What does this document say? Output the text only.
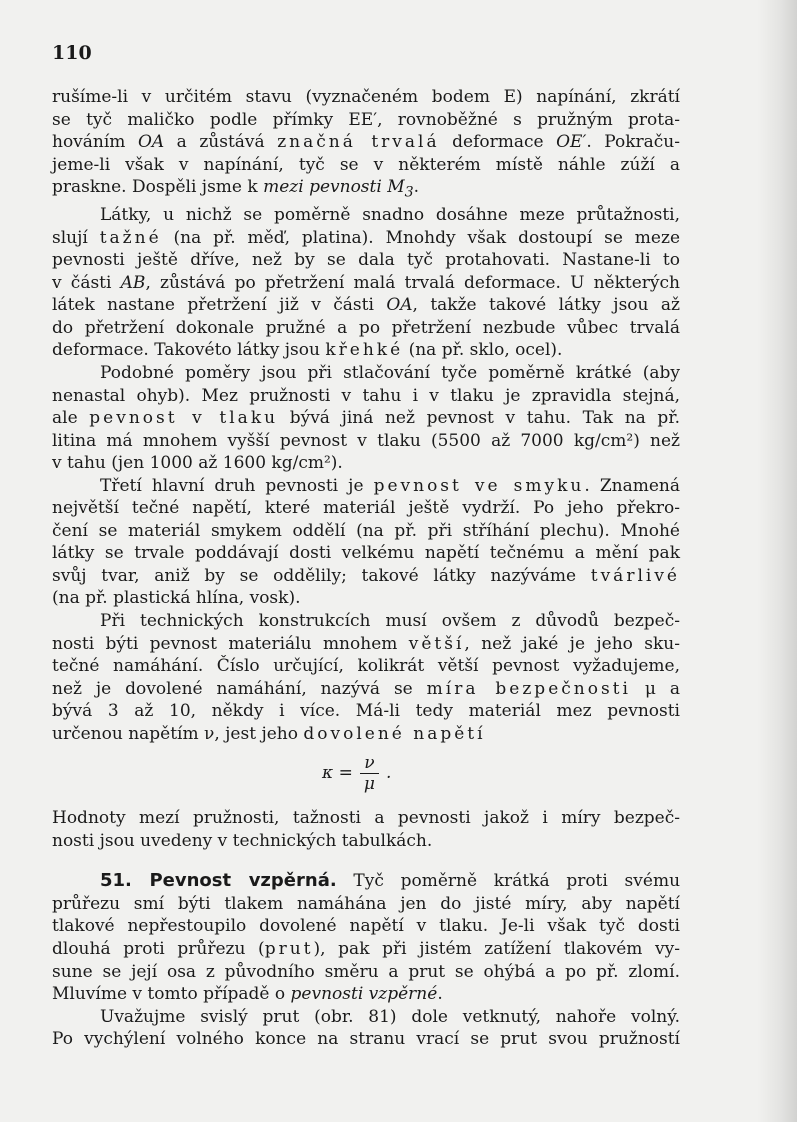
110

rušíme-li v určitém stavu (vyznačeném bodem E) napínání, zkrátí
se tyč maličko podle přímky EE′, rovnoběžné s pružným prota-
hováním OA a zůstává značná trvalá deformace OE′. Pokraču-
jeme-li však v napínání, tyč se v některém místě náhle zúží a
praskne. Dospěli jsme k mezi pevnosti $M_3$.

Látky, u nichž se poměrně snadno dosáhne meze průtažnosti,
slují tažné (na př. měď, platina). Mnohdy však dostoupí se meze
pevnosti ještě dříve, než by se dala tyč protahovati. Nastane-li to
v části AB, zůstává po přetržení malá trvalá deformace. U některých
látek nastane přetržení již v části OA, takže takové látky jsou až
do přetržení dokonale pružné a po přetržení nezbude vůbec trvalá
deformace. Takovéto látky jsou křehké (na př. sklo, ocel).

Podobné poměry jsou při stlačování tyče poměrně krátké (aby
nenastal ohyb). Mez pružnosti v tahu i v tlaku je zpravidla stejná,
ale pevnost v tlaku bývá jiná než pevnost v tahu. Tak na př.
litina má mnohem vyšší pevnost v tlaku (5500 až 7000 kg/cm²) než
v tahu (jen 1000 až 1600 kg/cm²).

Třetí hlavní druh pevnosti je pevnost ve smyku. Znamená
největší tečné napětí, které materiál ještě vydrží. Po jeho překro-
čení se materiál smykem oddělí (na př. při stříhání plechu). Mnohé
látky se trvale poddávají dosti velkému napětí tečnému a mění pak
svůj tvar, aniž by se oddělily; takové látky nazýváme tvárlivé
(na př. plastická hlína, vosk).

Při technických konstrukcích musí ovšem z důvodů bezpeč-
nosti býti pevnost materiálu mnohem větší, než jaké je jeho sku-
tečné namáhání. Číslo určující, kolikrát větší pevnost vyžadujeme,
než je dovolené namáhání, nazývá se míra bezpečnosti μ a
bývá 3 až 10, někdy i více. Má-li tedy materiál mez pevnosti
určenou napětím ν, jest jeho dovolené napětí

$\kappa = \frac{\nu}{\mu}$ .

Hodnoty mezí pružnosti, tažnosti a pevnosti jakož i míry bezpeč-
nosti jsou uvedeny v technických tabulkách.

51. Pevnost vzpěrná. Tyč poměrně krátká proti svému
průřezu smí býti tlakem namáhána jen do jisté míry, aby napětí
tlakové nepřestoupilo dovolené napětí v tlaku. Je-li však tyč dosti
dlouhá proti průřezu (prut), pak při jistém zatížení tlakovém vy-
sune se její osa z původního směru a prut se ohýbá a po př. zlomí.
Mluvíme v tomto případě o pevnosti vzpěrné.

Uvažujme svislý prut (obr. 81) dole vetknutý, nahoře volný.
Po vychýlení volného konce na stranu vrací se prut svou pružností
